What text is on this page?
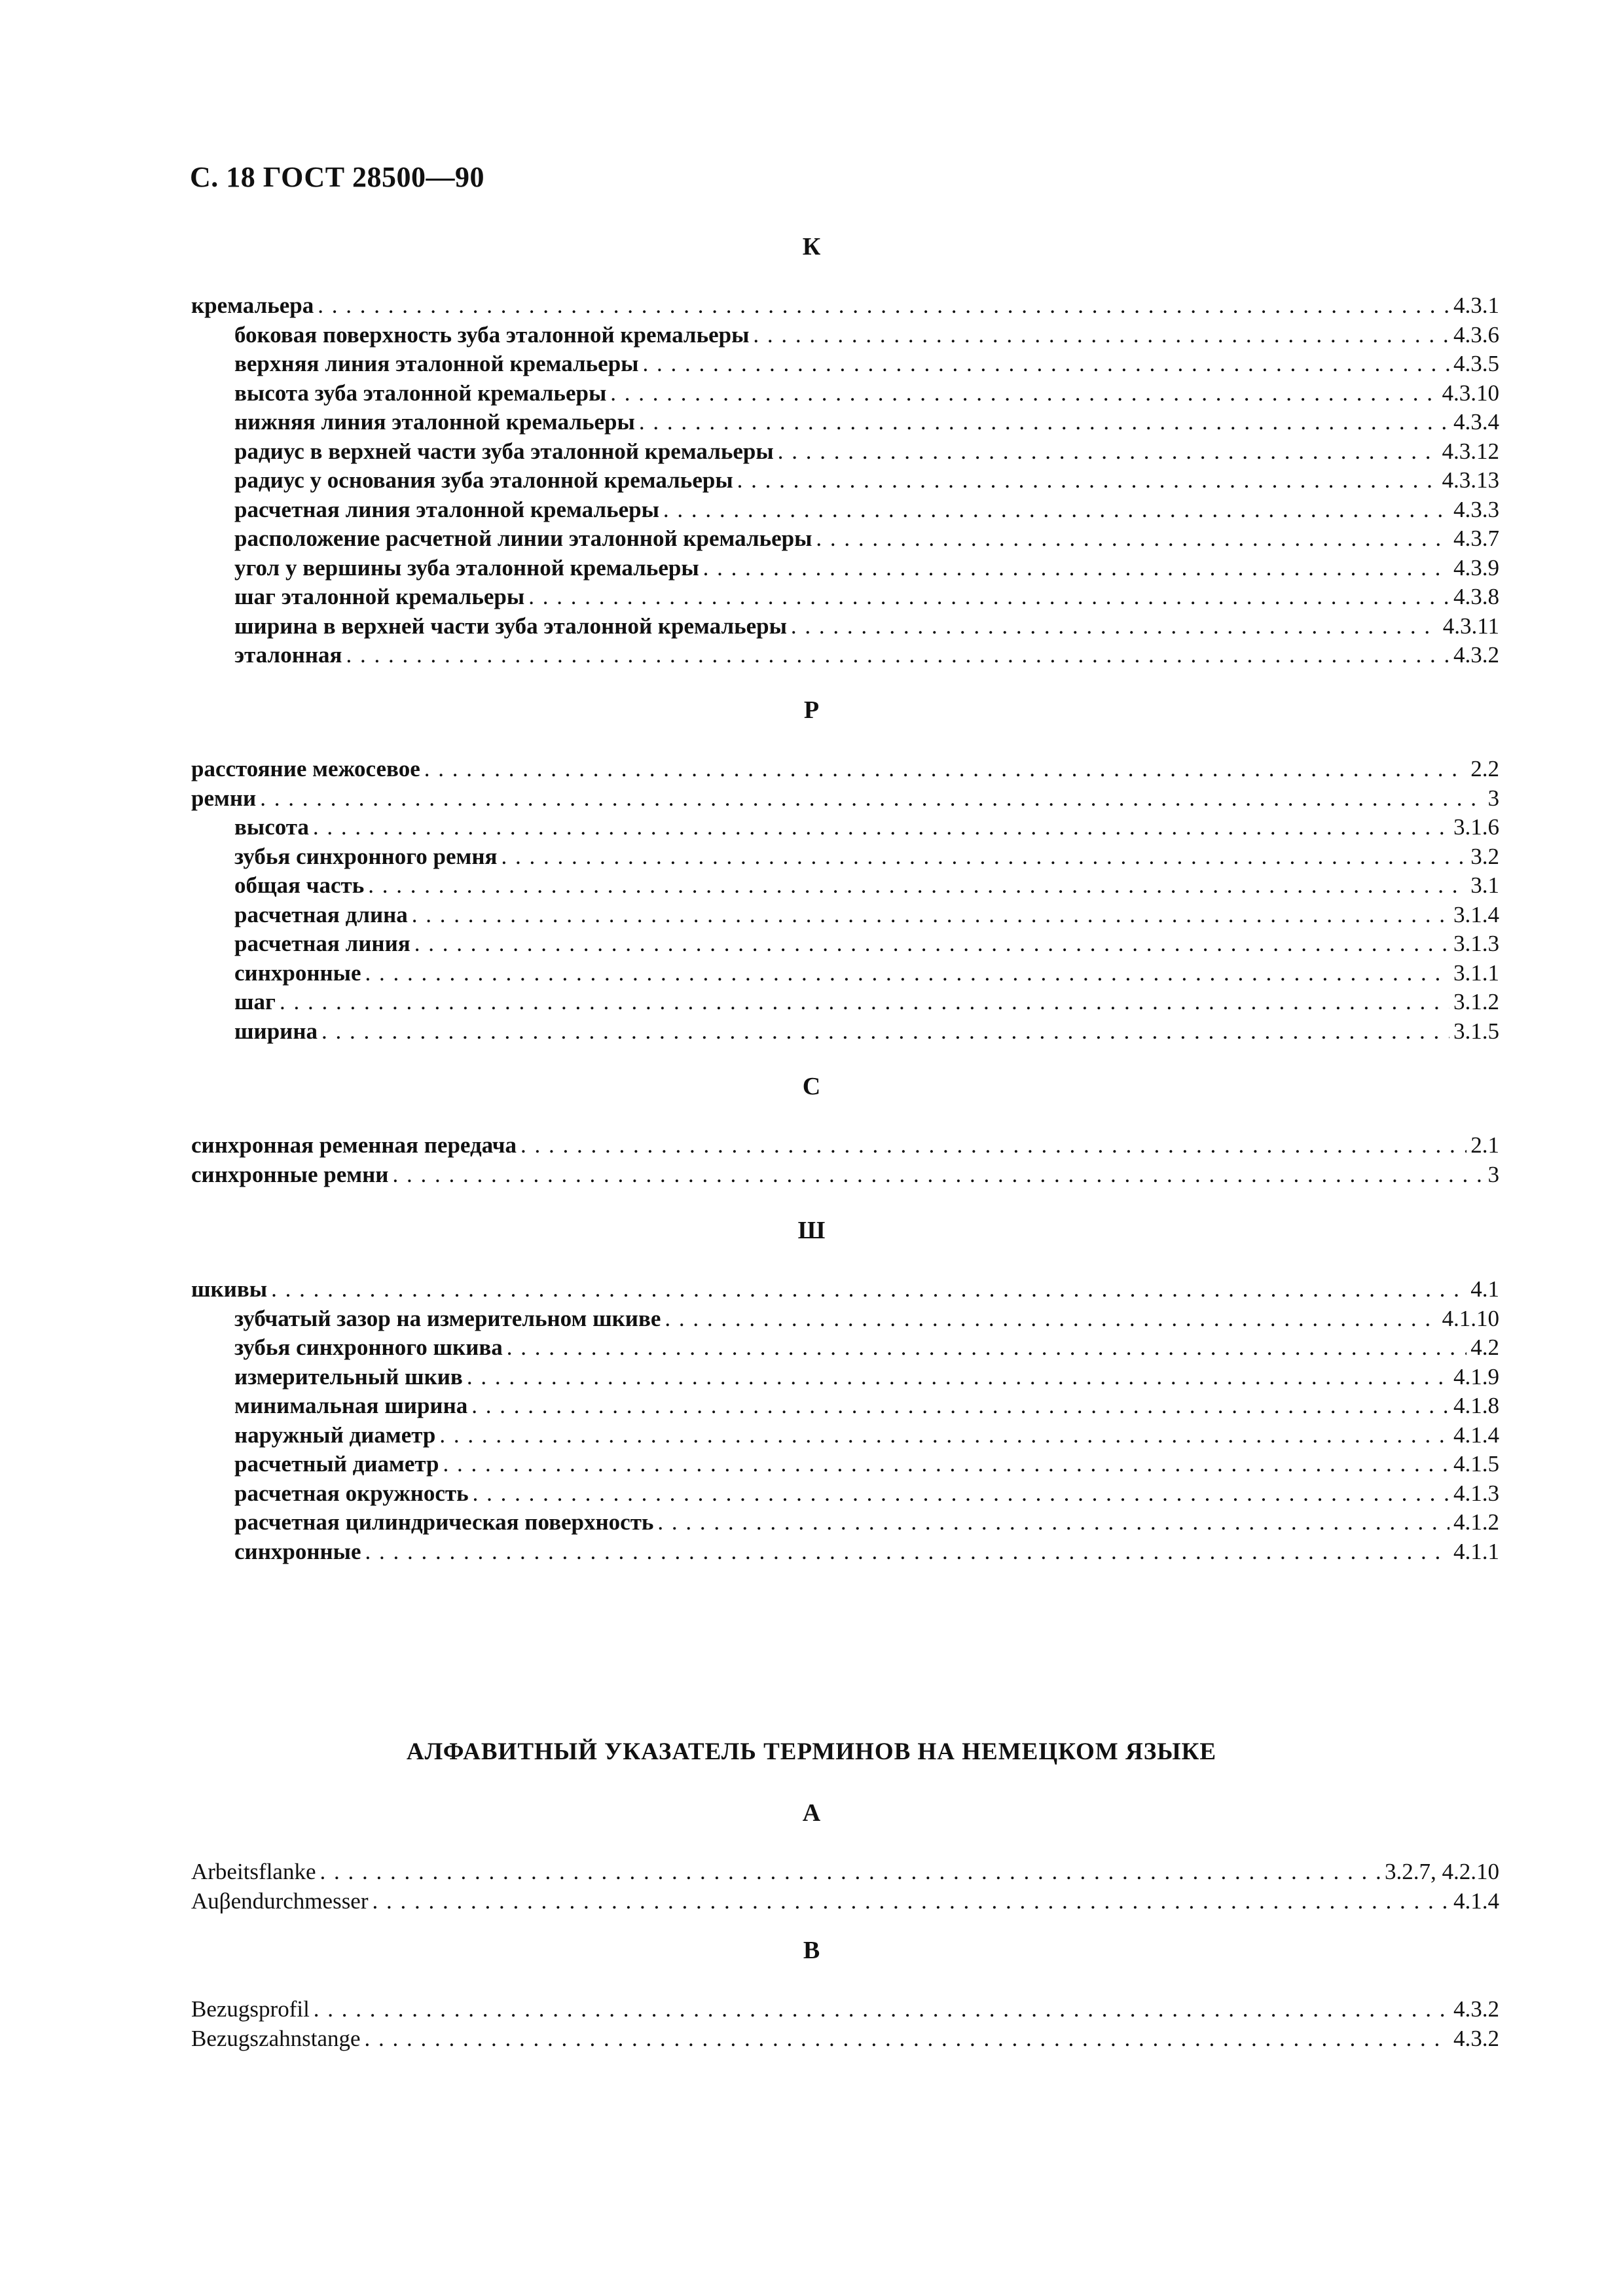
С. 18 ГОСТ 28500—90
К
кремальера . . .	4.3.1
боковая поверхность зуба эталонной кремальеры . . .	4.3.6
верхняя линия эталонной кремальеры . . .	4.3.5
высота зуба эталонной кремальеры . . .	4.3.10
нижняя линия эталонной кремальеры . . .	4.3.4
радиус в верхней части зуба эталонной кремальеры . . .	4.3.12
радиус у основания зуба эталонной кремальеры . . .	4.3.13
расчетная линия эталонной кремальеры . . .	4.3.3
расположение расчетной линии эталонной кремальеры . . .	4.3.7
угол у вершины зуба эталонной кремальеры . . .	4.3.9
шаг эталонной кремальеры . . .	4.3.8
ширина в верхней части зуба эталонной кремальеры . . .	4.3.11
эталонная . . .	4.3.2
Р
расстояние межосевое . . .	2.2
ремни . . .	3
высота . . .	3.1.6
зубья синхронного ремня . . .	3.2
общая часть . . .	3.1
расчетная длина . . .	3.1.4
расчетная линия . . .	3.1.3
синхронные . . .	3.1.1
шаг . . .	3.1.2
ширина . . .	3.1.5
С
синхронная ременная передача . . .	2.1
синхронные ремни . . .	3
Ш
шкивы . . .	4.1
зубчатый зазор на измерительном шкиве . . .	4.1.10
зубья синхронного шкива . . .	4.2
измерительный шкив . . .	4.1.9
минимальная ширина . . .	4.1.8
наружный диаметр . . .	4.1.4
расчетный диаметр . . .	4.1.5
расчетная окружность . . .	4.1.3
расчетная цилиндрическая поверхность . . .	4.1.2
синхронные . . .	4.1.1
АЛФАВИТНЫЙ УКАЗАТЕЛЬ ТЕРМИНОВ НА НЕМЕЦКОМ ЯЗЫКЕ
A
Arbeitsflanke . . .	3.2.7, 4.2.10
Auβendurchmesser . . .	4.1.4
B
Bezugsprofil . . .	4.3.2
Bezugszahnstange . . .	4.3.2
